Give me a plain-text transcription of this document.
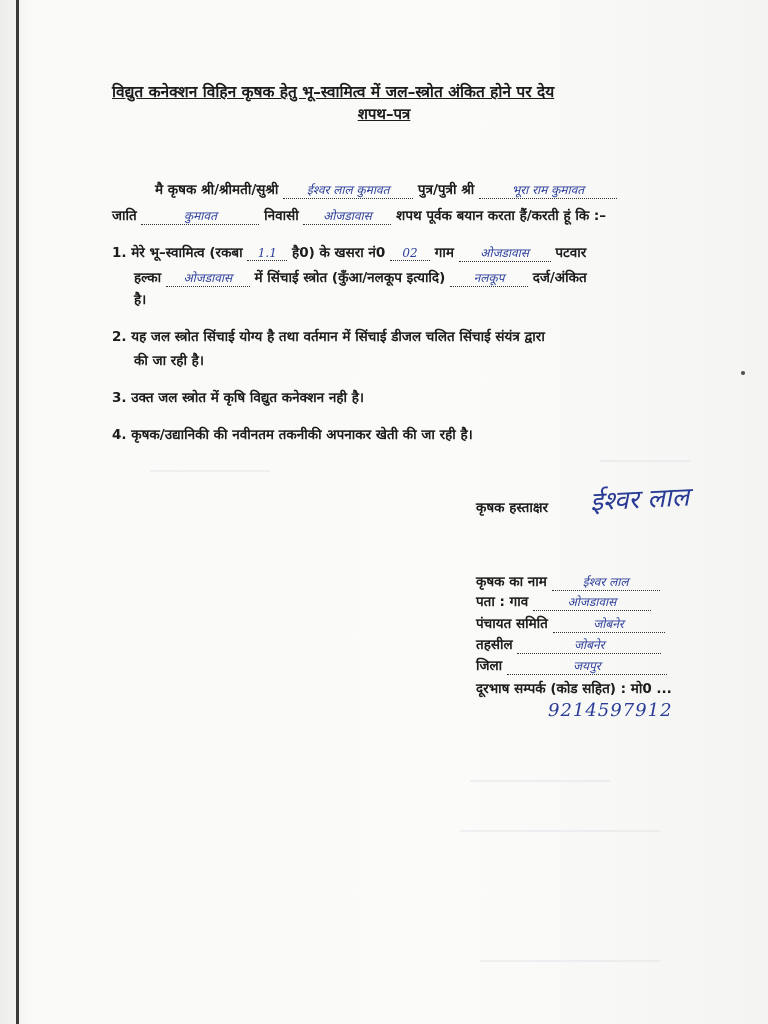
विद्युत कनेक्शन विहिन कृषक हेतु भू–स्वामित्व में जल–स्त्रोत अंकित होने पर देय
शपथ–पत्र
मै कृषक श्री/श्रीमती/सुश्री ईश्वर लाल कुमावत पुत्र/पुत्री श्री	भूरा राम कुमावत
जाति	कुमावत	निवासी ओजडावास शपथ पूर्वक बयान करता हैं/करती हूं कि :–
1. मेरे भू–स्वामित्व (रकबा 1.1 है0) के खसरा नं0 02 गाम ओजडावास पटवार
हल्का ओजडावास में सिंचाई स्त्रोत (कुँआ/नलकूप इत्यादि) नलकूप दर्ज/अंकित
है।
2. यह जल स्त्रोत सिंचाई योग्य है तथा वर्तमान में सिंचाई डीजल चलित सिंचाई संयंत्र द्वारा
की जा रही है।
3. उक्त जल स्त्रोत में कृषि विद्युत कनेक्शन नही है।
4. कृषक/उद्यानिकी की नवीनतम तकनीकी अपनाकर खेती की जा रही है।
कृषक हस्ताक्षर ईश्वर लाल
कृषक का नाम	ईश्वर लाल
पता : गाव	ओजडावास
पंचायत समिति	जोबनेर
तहसील	जोबनेर
जिला	जयपुर
दूरभाष सम्पर्क (कोड सहित) : मो0 ...
9214597912
